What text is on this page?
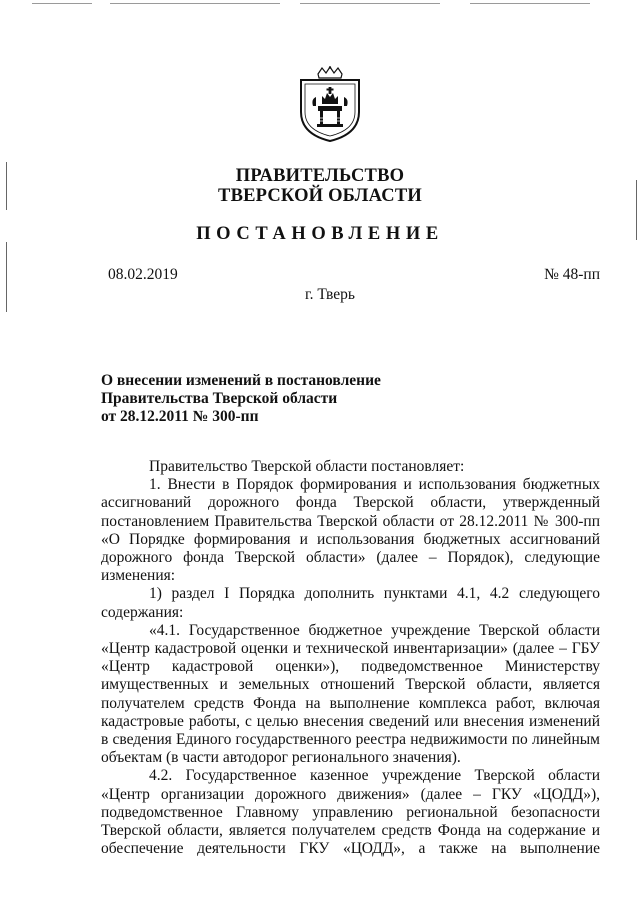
ПРАВИТЕЛЬСТВО
ТВЕРСКОЙ ОБЛАСТИ
ПОСТАНОВЛЕНИЕ
08.02.2019	№ 48-пп
г. Тверь
О внесении изменений в постановление
Правительства Тверской области
от 28.12.2011 № 300-пп

Правительство Тверской области постановляет:

1. Внести в Порядок формирования и использования бюджетных ассигнований дорожного фонда Тверской области, утвержденный постановлением Правительства Тверской области от 28.12.2011 № 300-пп «О Порядке формирования и использования бюджетных ассигнований дорожного фонда Тверской области» (далее – Порядок), следующие изменения:

1) раздел I Порядка дополнить пунктами 4.1, 4.2 следующего содержания:

«4.1. Государственное бюджетное учреждение Тверской области «Центр кадастровой оценки и технической инвентаризации» (далее – ГБУ «Центр кадастровой оценки»), подведомственное Министерству имущественных и земельных отношений Тверской области, является получателем средств Фонда на выполнение комплекса работ, включая кадастровые работы, с целью внесения сведений или внесения изменений в сведения Единого государственного реестра недвижимости по линейным объектам (в части автодорог регионального значения).

4.2. Государственное казенное учреждение Тверской области «Центр организации дорожного движения» (далее – ГКУ «ЦОДД»), подведомственное Главному управлению региональной безопасности Тверской области, является получателем средств Фонда на содержание и обеспечение деятельности ГКУ «ЦОДД», а также на выполнение
